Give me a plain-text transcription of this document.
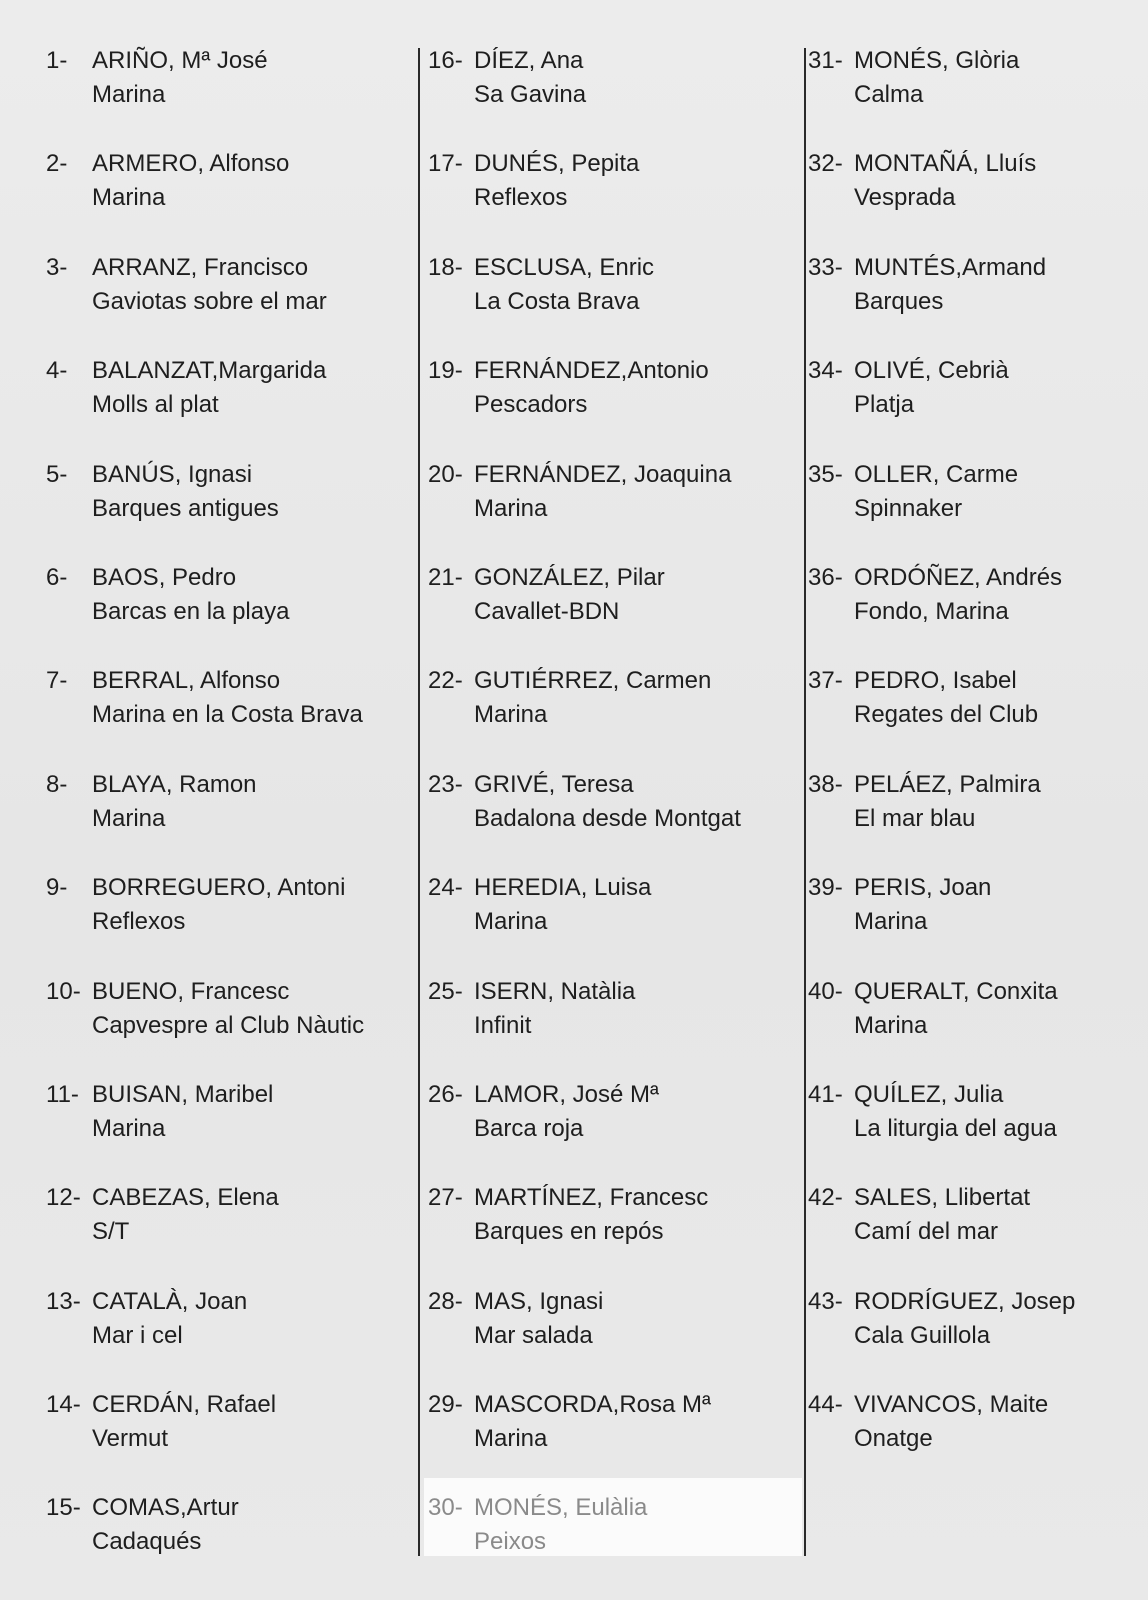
1- ARIÑO, Mª José
Marina
2- ARMERO, Alfonso
Marina
3- ARRANZ, Francisco
Gaviotas sobre el mar
4- BALANZAT,Margarida
Molls al plat
5- BANÚS, Ignasi
Barques antigues
6- BAOS, Pedro
Barcas en la playa
7- BERRAL, Alfonso
Marina en la Costa Brava
8- BLAYA, Ramon
Marina
9- BORREGUERO, Antoni
Reflexos
10- BUENO, Francesc
Capvespre al Club Nàutic
11- BUISAN, Maribel
Marina
12- CABEZAS, Elena
S/T
13- CATALÀ, Joan
Mar i cel
14- CERDÁN, Rafael
Vermut
15- COMAS,Artur
Cadaqués
16- DÍEZ, Ana
Sa Gavina
17- DUNÉS, Pepita
Reflexos
18- ESCLUSA, Enric
La Costa Brava
19- FERNÁNDEZ,Antonio
Pescadors
20- FERNÁNDEZ, Joaquina
Marina
21- GONZÁLEZ, Pilar
Cavallet-BDN
22- GUTIÉRREZ, Carmen
Marina
23- GRIVÉ, Teresa
Badalona desde Montgat
24- HEREDIA, Luisa
Marina
25- ISERN, Natàlia
Infinit
26- LAMOR, José Mª
Barca roja
27- MARTÍNEZ, Francesc
Barques en repós
28- MAS, Ignasi
Mar salada
29- MASCORDA,Rosa Mª
Marina
30- MONÉS, Eulàlia
Peixos
31- MONÉS, Glòria
Calma
32- MONTAÑÁ, Lluís
Vesprada
33- MUNTÉS,Armand
Barques
34- OLIVÉ, Cebrià
Platja
35- OLLER, Carme
Spinnaker
36- ORDÓÑEZ, Andrés
Fondo, Marina
37- PEDRO, Isabel
Regates del Club
38- PELÁEZ, Palmira
El mar blau
39- PERIS, Joan
Marina
40- QUERALT, Conxita
Marina
41- QUÍLEZ, Julia
La liturgia del agua
42- SALES, Llibertat
Camí del mar
43- RODRÍGUEZ, Josep
Cala Guillola
44- VIVANCOS, Maite
Onatge
